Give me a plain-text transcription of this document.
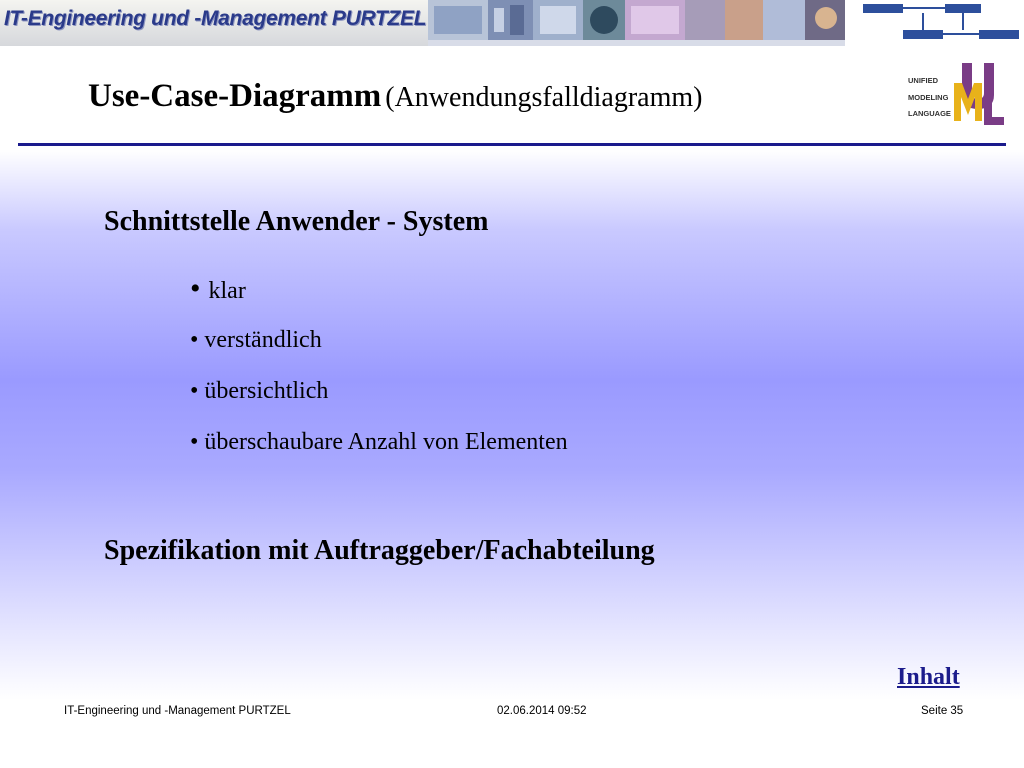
IT-Engineering und -Management PURTZEL
Use-Case-Diagramm (Anwendungsfalldiagramm)
UNIFIED
MODELING
LANGUAGE
Schnittstelle Anwender - System
• klar
• verständlich
• übersichtlich
• überschaubare Anzahl von Elementen
Spezifikation mit Auftraggeber/Fachabteilung
Inhalt
IT-Engineering und -Management PURTZEL	02.06.2014 09:52	Seite 35
